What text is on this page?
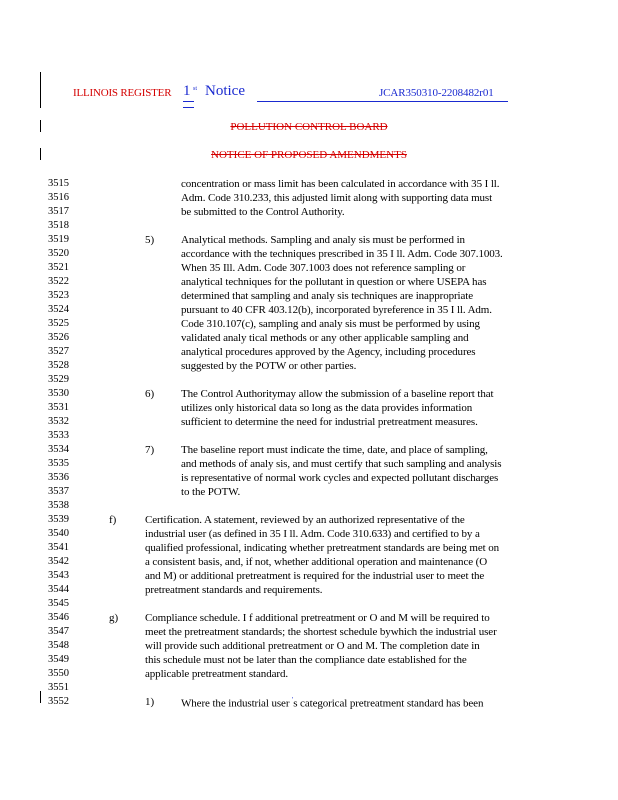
ILLINOIS REGISTER 1 st Notice	JCAR350310-2208482r01
POLLUTION CONTROL BOARD
NOTICE OF PROPOSED AMENDMENTS
3515
3516
3517
3518
3519
3520
3521
3522
3523
3524
3525
3526
3527
3528
3529
3530
3531
3532
3533
3534
3535
3536
3537
3538
3539
3540
3541
3542
3543
3544
3545
3546
3547
3548
3549
3550
3551
3552
concentration or mass limit has been calculated in accordance with 35 I ll.
Adm. Code 310.233, this adjusted limit along with supporting data must
be submitted to the Control Authority.
5) Analytical methods. Sampling and analy sis must be performed in
accordance with the techniques prescribed in 35 I ll. Adm. Code 307.1003.
When 35 Ill. Adm. Code 307.1003 does not reference sampling or
analytical techniques for the pollutant in question or where USEPA has
determined that sampling and analy sis techniques are inappropriate
pursuant to 40 CFR 403.12(b), incorporated byreference in 35 I ll. Adm.
Code 310.107(c), sampling and analy sis must be performed by using
validated analy tical methods or any other applicable sampling and
analytical procedures approved by the Agency, including procedures
suggested by the POTW or other parties.
6) The Control Authoritymay allow the submission of a baseline report that
utilizes only historical data so long as the data provides information
sufficient to determine the need for industrial pretreatment measures.
7) The baseline report must indicate the time, date, and place of sampling,
and methods of analy sis, and must certify that such sampling and analysis
is representative of normal work cycles and expected pollutant discharges
to the POTW.
f)	Certification. A statement, reviewed by an authorized representative of the
industrial user (as defined in 35 I ll. Adm. Code 310.633) and certified to by a
qualified professional, indicating whether pretreatment standards are being met on
a consistent basis, and, if not, whether additional operation and maintenance (O
and M) or additional pretreatment is required for the industrial user to meet the
pretreatment standards and requirements.
g) Compliance schedule. I f additional pretreatment or O and M will be required to
meet the pretreatment standards; the shortest schedule bywhich the industrial user
will provide such additional pretreatment or O and M. The completion date in
this schedule must not be later than the compliance date established for the
applicable pretreatment standard.
1) Where the industrial user 's categorical pretreatment standard has been
